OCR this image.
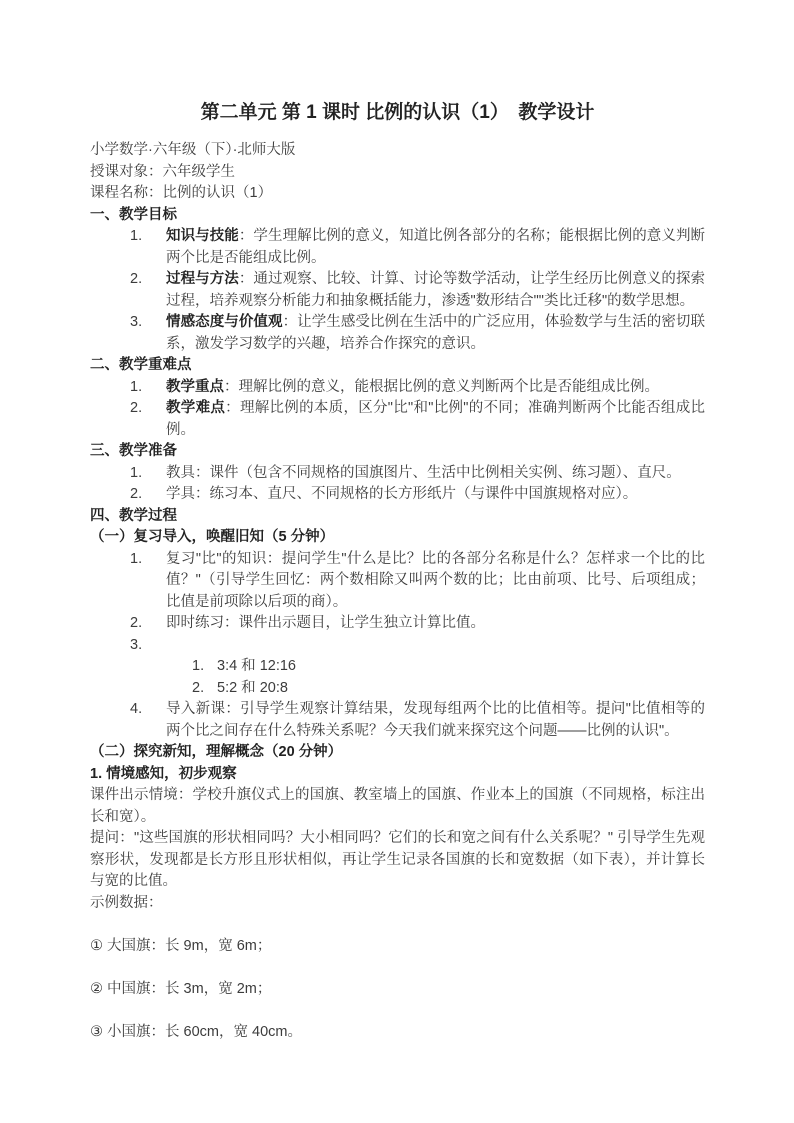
第二单元 第 1 课时 比例的认识（1）　教学设计
小学数学·六年级（下）·北师大版
授课对象：六年级学生
课程名称：比例的认识（1）
一、教学目标
1.	知识与技能：学生理解比例的意义，知道比例各部分的名称；能根据比例的意义判断两个比是否能组成比例。
2.	过程与方法：通过观察、比较、计算、讨论等数学活动，让学生经历比例意义的探索过程，培养观察分析能力和抽象概括能力，渗透"数形结合""类比迁移"的数学思想。
3.	情感态度与价值观：让学生感受比例在生活中的广泛应用，体验数学与生活的密切联系，激发学习数学的兴趣，培养合作探究的意识。
二、教学重难点
1.	教学重点：理解比例的意义，能根据比例的意义判断两个比是否能组成比例。
2.	教学难点：理解比例的本质，区分"比"和"比例"的不同；准确判断两个比能否组成比例。
三、教学准备
1.	教具：课件（包含不同规格的国旗图片、生活中比例相关实例、练习题）、直尺。
2.	学具：练习本、直尺、不同规格的长方形纸片（与课件中国旗规格对应）。
四、教学过程
（一）复习导入，唤醒旧知（5 分钟）
1.	复习"比"的知识：提问学生"什么是比？比的各部分名称是什么？怎样求一个比的比值？"（引导学生回忆：两个数相除又叫两个数的比；比由前项、比号、后项组成；比值是前项除以后项的商）。
2.	即时练习：课件出示题目，让学生独立计算比值。
3.
1. 3:4 和 12:16
2. 5:2 和 20:8
4.	导入新课：引导学生观察计算结果，发现每组两个比的比值相等。提问"比值相等的两个比之间存在什么特殊关系呢？今天我们就来探究这个问题——比例的认识"。
（二）探究新知，理解概念（20 分钟）
1. 情境感知，初步观察
课件出示情境：学校升旗仪式上的国旗、教室墙上的国旗、作业本上的国旗（不同规格，标注出长和宽）。
提问："这些国旗的形状相同吗？大小相同吗？它们的长和宽之间有什么关系呢？" 引导学生先观察形状，发现都是长方形且形状相似，再让学生记录各国旗的长和宽数据（如下表），并计算长与宽的比值。
示例数据：
① 大国旗：长 9m，宽 6m；
② 中国旗：长 3m，宽 2m；
③ 小国旗：长 60cm，宽 40cm。
